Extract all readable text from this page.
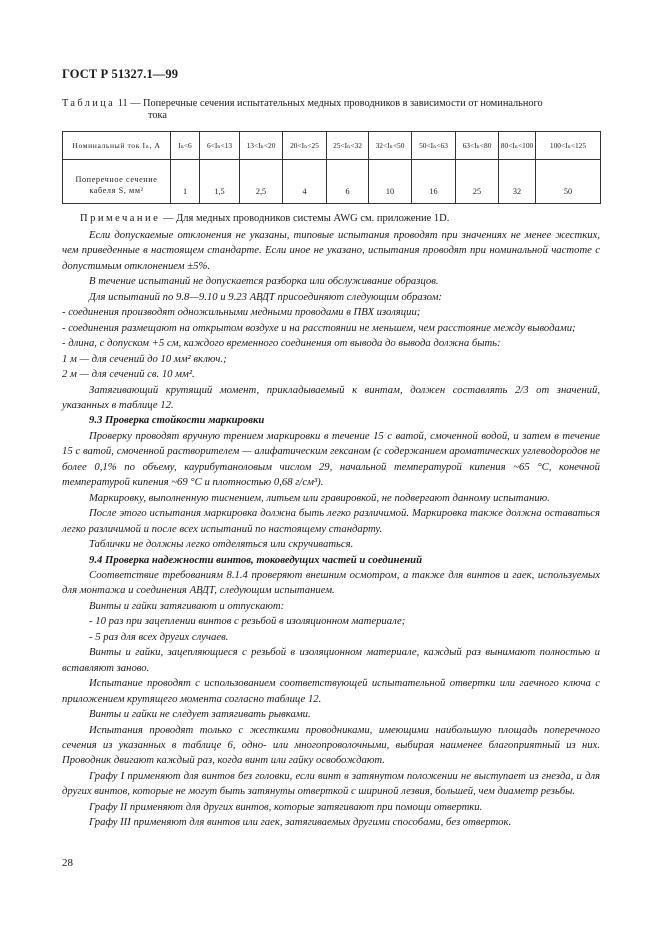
ГОСТ Р 51327.1—99
Таблица 11 — Поперечные сечения испытательных медных проводников в зависимости от номинального
тока
Номинальный ток Iₙ, А	Iₙ<6	6<Iₙ<13	13<Iₙ<20	20<Iₙ<25	25<Iₙ<32	32<Iₙ<50	50<Iₙ<63	63<Iₙ<80	80<Iₙ<100	100<Iₙ<125
Поперечное сечение кабеля S, мм²	1	1,5	2,5	4	6	10	16	25	32	50
Примечание — Для медных проводников системы AWG см. приложение 1D.

Если допускаемые отклонения не указаны, типовые испытания проводят при значениях не менее жестких, чем приведенные в настоящем стандарте. Если иное не указано, испытания проводят при номинальной частоте с допустимым отклонением ±5%.

В течение испытаний не допускается разборка или обслуживание образцов.

Для испытаний по 9.8—9.10 и 9.23 АВДТ присоединяют следующим образом:

- соединения производят одножильными медными проводами в ПВХ изоляции;

- соединения размещают на открытом воздухе и на расстоянии не меньшем, чем расстояние между выводами;

- длина, с допуском +5 см, каждого временного соединения от вывода до вывода должна быть:

1 м — для сечений до 10 мм² включ.;

2 м — для сечений св. 10 мм².

Затягивающий крутящий момент, прикладываемый к винтам, должен составлять 2/3 от значений, указанных в таблице 12.

9.3 Проверка стойкости маркировки

Проверку проводят вручную трением маркировки в течение 15 с ватой, смоченной водой, и затем в течение 15 с ватой, смоченной растворителем — алифатическим гексаном (с содержанием ароматических углеводородов не более 0,1% по объему, каурибутаноловым числом 29, начальной температурой кипения ~65 °С, конечной температурой кипения ~69 °С и плотностью 0,68 г/см³).

Маркировку, выполненную тиснением, литьем или гравировкой, не подвергают данному испытанию.

После этого испытания маркировка должна быть легко различимой. Маркировка также должна оставаться легко различимой и после всех испытаний по настоящему стандарту.

Таблички не должны легко отделяться или скручиваться.

9.4 Проверка надежности винтов, токоведущих частей и соединений

Соответствие требованиям 8.1.4 проверяют внешним осмотром, а также для винтов и гаек, используемых для монтажа и соединения АВДТ, следующим испытанием.

Винты и гайки затягивают и отпускают:

- 10 раз при зацеплении винтов с резьбой в изоляционном материале;

- 5 раз для всех других случаев.

Винты и гайки, зацепляющиеся с резьбой в изоляционном материале, каждый раз вынимают полностью и вставляют заново.

Испытание проводят с использованием соответствующей испытательной отвертки или гаечного ключа с приложением крутящего момента согласно таблице 12.

Винты и гайки не следует затягивать рывками.

Испытания проводят только с жесткими проводниками, имеющими наибольшую площадь поперечного сечения из указанных в таблице 6, одно- или многопроволочными, выбирая наименее благоприятный из них. Проводник двигают каждый раз, когда винт или гайку освобождают.

Графу I применяют для винтов без головки, если винт в затянутом положении не выступает из гнезда, и для других винтов, которые не могут быть затянуты отверткой с шириной лезвия, большей, чем диаметр резьбы.

Графу II применяют для других винтов, которые затягивают при помощи отвертки.

Графу III применяют для винтов или гаек, затягиваемых другими способами, без отверток.

28
